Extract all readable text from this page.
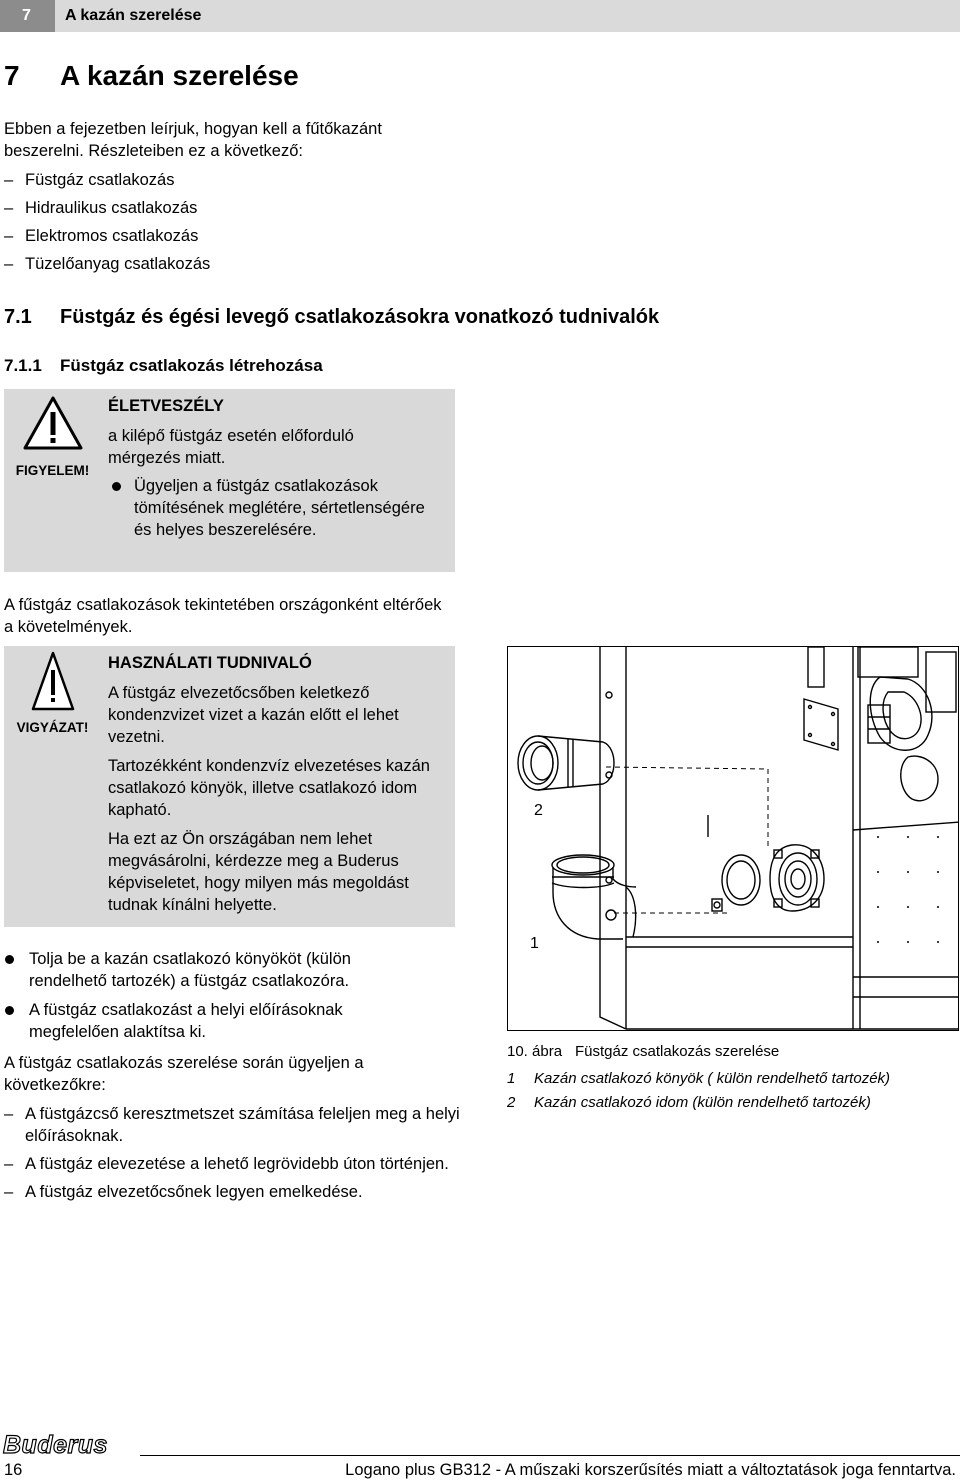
7	A kazán szerelése
7 A kazán szerelése

Ebben a fejezetben leírjuk, hogyan kell a fűtőkazánt beszerelni. Részleteiben ez a következő:

– Füstgáz csatlakozás
– Hidraulikus csatlakozás
– Elektromos csatlakozás
– Tüzelőanyag csatlakozás
7.1 Füstgáz és égési levegő csatlakozásokra vonatkozó tudnivalók
7.1.1 Füstgáz csatlakozás létrehozása
FIGYELEM!
ÉLETVESZÉLY

a kilépő füstgáz esetén előforduló mérgezés miatt.

Ügyeljen a füstgáz csatlakozások tömítésének meglétére, sértetlenségére és helyes beszerelésére.

A fűstgáz csatlakozások tekintetében országonként eltérőek a követelmények.

VIGYÁZAT!
HASZNÁLATI TUDNIVALÓ

A füstgáz elvezetőcsőben keletkező kondenzvizet vizet a kazán előtt el lehet vezetni.

Tartozékként kondenzvíz elvezetéses kazán csatlakozó könyök, illetve csatlakozó idom kapható.

Ha ezt az Ön országában nem lehet megvásárolni, kérdezze meg a Buderus képviseletet, hogy milyen más megoldást tudnak kínálni helyette.

Tolja be a kazán csatlakozó könyököt (külön rendelhető tartozék) a füstgáz csatlakozóra.
A füstgáz csatlakozást a helyi előírásoknak megfelelően alaktítsa ki.

A füstgáz csatlakozás szerelése során ügyeljen a következőkre:

– A füstgázcső keresztmetszet számítása feleljen meg a helyi előírásoknak.
– A füstgáz elevezetése a lehető legrövidebb úton történjen.
– A füstgáz elvezetőcsőnek legyen emelkedése.
2
1
10. ábra Füstgáz csatlakozás szerelése
1 Kazán csatlakozó könyök ( külön rendelhető tartozék)
2 Kazán csatlakozó idom (külön rendelhető tartozék)
Buderus
16	Logano plus GB312 - A műszaki korszerűsítés miatt a változtatások joga fenntartva.
